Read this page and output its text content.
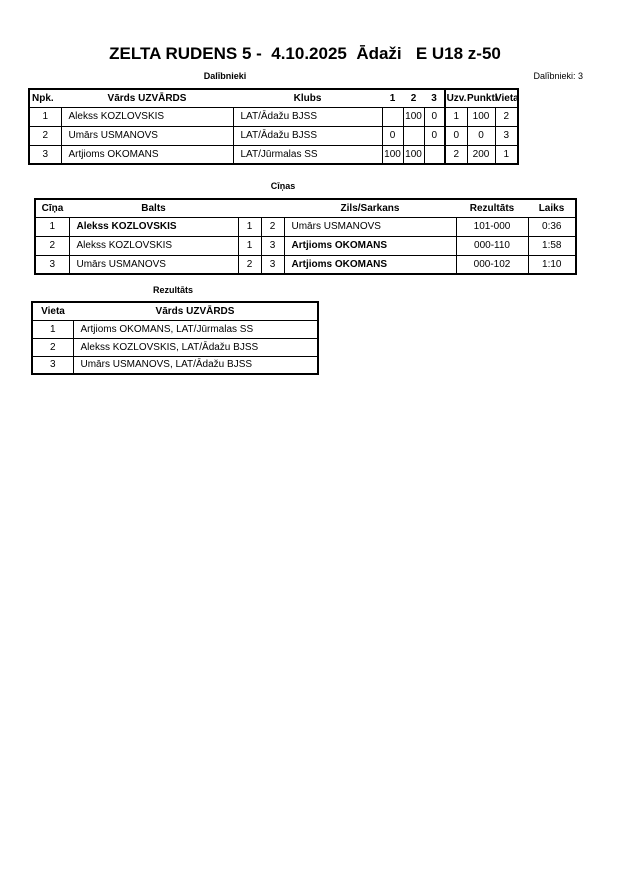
ZELTA RUDENS 5 -  4.10.2025  Ādaži   E U18 z-50
Dalībnieki	Dalībnieki: 3
Npk.	Vārds UZVĀRDS	Klubs	1	2	3	Uzv.	Punkti	Vieta
1	Alekss KOZLOVSKIS	LAT/Ādažu BJSS		100	0	1	100	2
2	Umārs USMANOVS	LAT/Ādažu BJSS	0		0	0	0	3
3	Artjioms OKOMANS	LAT/Jūrmalas SS	100	100		2	200	1
Cīņas
Cīņa	Balts			Zils/Sarkans	Rezultāts	Laiks
1	Alekss KOZLOVSKIS	1	2	Umārs USMANOVS	101-000	0:36
2	Alekss KOZLOVSKIS	1	3	Artjioms OKOMANS	000-110	1:58
3	Umārs USMANOVS	2	3	Artjioms OKOMANS	000-102	1:10
Rezultāts
Vieta	Vārds UZVĀRDS
1	Artjioms OKOMANS, LAT/Jūrmalas SS
2	Alekss KOZLOVSKIS, LAT/Ādažu BJSS
3	Umārs USMANOVS, LAT/Ādažu BJSS
